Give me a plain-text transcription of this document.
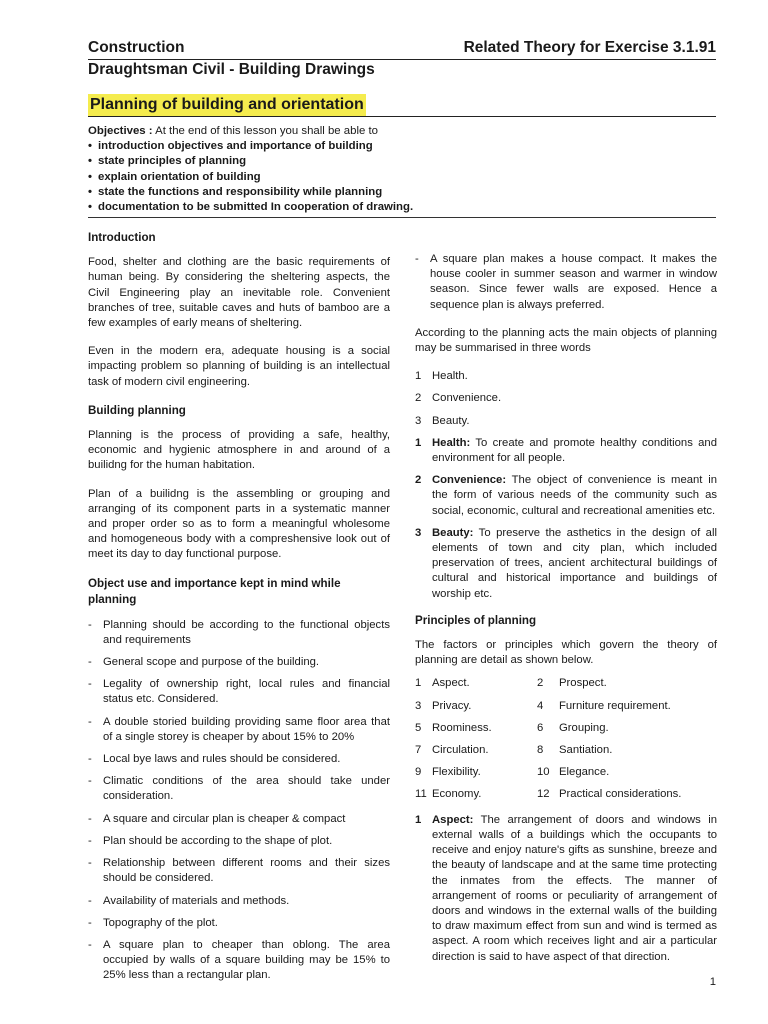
Construction	Related Theory for Exercise 3.1.91
Draughtsman Civil - Building Drawings
Planning of building and orientation
Objectives : At the end of this lesson you shall be able to
• introduction objectives and importance of building
• state principles of planning
• explain orientation of building
• state the functions and responsibility while planning
• documentation to be submitted In cooperation of drawing.
Introduction

Food, shelter and clothing are the basic requirements of human being. By considering the sheltering aspects, the Civil Engineering play an inevitable role. Convenient branches of tree, suitable caves and huts of bamboo are a few examples of early means of sheltering.

Even in the modern era, adequate housing is a social impacting problem so planning of building is an intellectual task of modern civil engineering.

Building planning

Planning is the process of providing a safe, healthy, economic and hygienic atmosphere in and around of a builidng for the human habitation.

Plan of a builidng is the assembling or grouping and arranging of its component parts in a systematic manner and proper order so as to form a meaningful wholesome and homogeneous body with a compreshensive look out of meet its day to day functional purpose.

Object use and importance kept in mind while planning
- Planning should be according to the functional objects and requirements
- General scope and purpose of the building.
- Legality of ownership right, local rules and financial status etc. Considered.
- A double storied building providing same floor area that of a single storey is cheaper by about 15% to 20%
- Local bye laws and rules should be considered.
- Climatic conditions of the area should take under consideration.
- A square and circular plan is cheaper & compact
- Plan should be according to the shape of plot.
- Relationship between different rooms and their sizes should be considered.
- Availability of materials and methods.
- Topography of the plot.
- A square plan to cheaper than oblong. The area occupied by walls of a square building may be 15% to 25% less than a rectangular plan.
- A square plan makes a house compact. It makes the house cooler in summer season and warmer in window season. Since fewer walls are exposed. Hence a sequence plan is always preferred.

According to the planning acts the main objects of planning may be summarised in three words

1 Health.
2 Convenience.
3 Beauty.
1 Health: To create and promote healthy conditions and environment for all people.
2 Convenience: The object of convenience is meant in the form of various needs of the community such as social, economic, cultural and recreational amenities etc.
3 Beauty: To preserve the asthetics in the design of all elements of town and city plan, which included preservation of trees, ancient architectural buildings of cultural and historical importance and buildings of worship etc.
Principles of planning

The factors or principles which govern the theory of planning are detail as shown below.

1 Aspect.	2	Prospect.
3 Privacy.	4	Furniture requirement.
5 Roominess.	6	Grouping.
7 Circulation.	8	Santiation.
9 Flexibility.	10 Elegance.
11 Economy.	12 Practical considerations.
1 Aspect: The arrangement of doors and windows in external walls of a buildings which the occupants to receive and enjoy nature's gifts as sunshine, breeze and the beauty of landscape and at the same time protecting the inmates from the effects. The manner of arrangement of rooms or peculiarity of arrangement of doors and windows in the external walls of the building to draw maximum effect from sun and wind is termed as aspect. A room which receives light and air a particular direction is said to have aspect of that direction.
1
